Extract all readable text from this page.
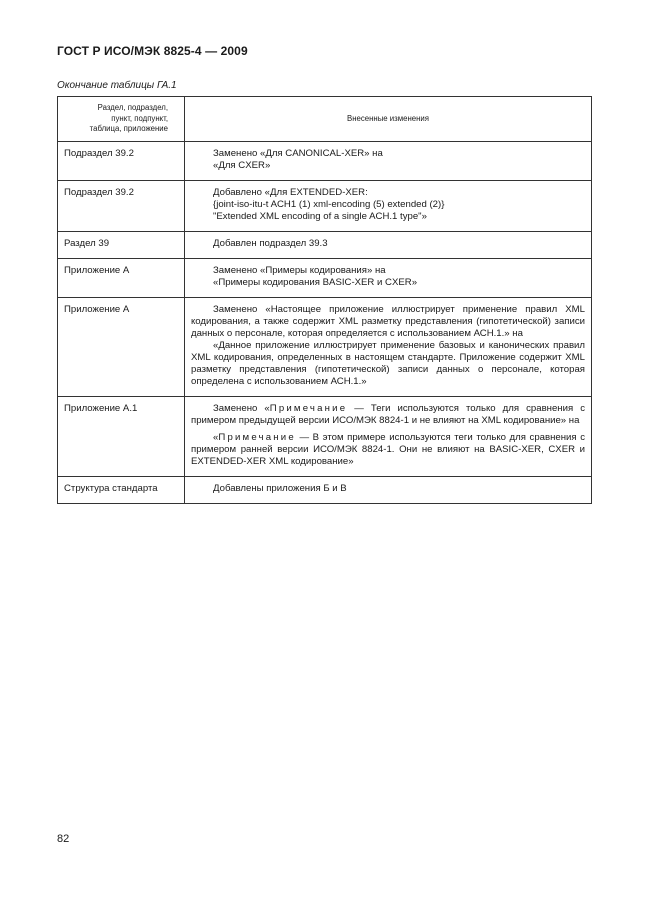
ГОСТ Р ИСО/МЭК 8825-4 — 2009
Окончание таблицы ГА.1
Раздел, подраздел,
пункт, подпункт,
таблица, приложение	Внесенные изменения
Подраздел 39.2	Заменено «Для CANONICAL-XER» на
«Для CXER»

Подраздел 39.2	Добавлено «Для EXTENDED-XER:
{joint-iso-itu-t ACH1 (1) xml-encoding (5) extended (2)}
"Extended XML encoding of a single ACH.1 type"»

Раздел 39	Добавлен подраздел 39.3

Приложение А	Заменено «Примеры кодирования» на
«Примеры кодирования BASIC-XER и CXER»

Приложение А	Заменено «Настоящее приложение иллюстрирует применение правил XML кодирования, а также содержит XML разметку представления (гипотетической) записи данных о персонале, которая определяется с использованием АСН.1.» на
«Данное приложение иллюстрирует применение базовых и канонических правил XML кодирования, определенных в настоящем стандарте. Приложение содержит XML разметку представления (гипотетической) записи данных о персонале, которая определена с использованием АСН.1.»

Приложение А.1	Заменено «Примечание — Теги используются только для сравнения с примером предыдущей версии ИСО/МЭК 8824-1 и не влияют на XML кодирование» на
«Примечание — В этом примере используются теги только для сравнения с примером ранней версии ИСО/МЭК 8824-1. Они не влияют на BASIC-XER, CXER и EXTENDED-XER XML кодирование»

Структура стандарта	Добавлены приложения Б и В
82
